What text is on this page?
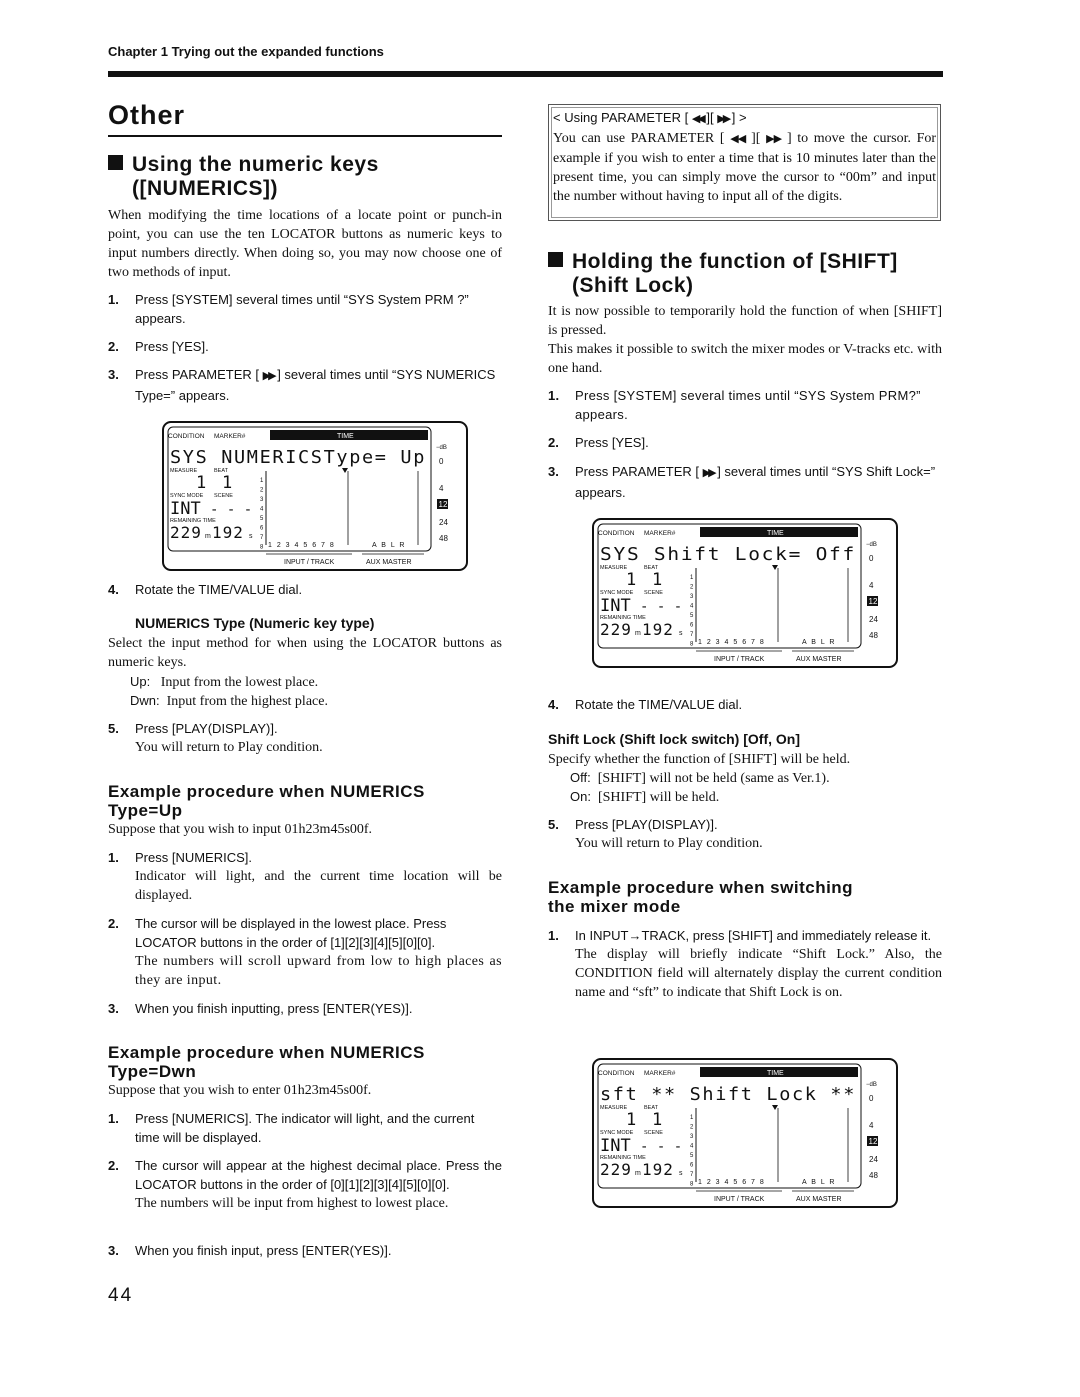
Chapter 1 Trying out the expanded functions
Other
Using the numeric keys
([NUMERICS])
When modifying the time locations of a locate point or punch-in point, you can use the ten LOCATOR buttons as numeric keys to input numbers directly. When doing so, you may now choose one of two methods of input.
1. Press [SYSTEM] several times until “SYS System PRM ?” appears.
2. Press [YES].
3. Press PARAMETER [ ▶▶ ] several times until “SYS NUMERICS Type=” appears.
CONDITION MARKER#	TIME
SYS NUMERICSType= Up
MEASURE	BEAT
1 1
SYNC MODE SCENE
INT - - -
REMAINING TIME
229 m 192 s
1
2
3
4
5
6
7
8 1 2 3 4 5 6 7 8	A B L R
−dB
0
4
12
24
48
INPUT / TRACK	AUX MASTER
4. Rotate the TIME/VALUE dial.
NUMERICS Type (Numeric key type)
Select the input method for when using the LOCATOR buttons as numeric keys.
Up: Input from the lowest place.
Dwn: Input from the highest place.
5. Press [PLAY(DISPLAY)].
You will return to Play condition.
Example procedure when NUMERICS
Type=Up
Suppose that you wish to input 01h23m45s00f.
1. Press [NUMERICS].
Indicator will light, and the current time location will be displayed.
2. The cursor will be displayed in the lowest place. Press LOCATOR buttons in the order of [1][2][3][4][5][0][0].
The numbers will scroll upward from low to high places as they are input.
3. When you finish inputting, press [ENTER(YES)].
Example procedure when NUMERICS
Type=Dwn
Suppose that you wish to enter 01h23m45s00f.
1. Press [NUMERICS]. The indicator will light, and the current time will be displayed.
2. The cursor will appear at the highest decimal place. Press the LOCATOR buttons in the order of [0][1][2][3][4][5][0][0].
The numbers will be input from highest to lowest place.
3. When you finish input, press [ENTER(YES)].
44
< Using PARAMETER [ ◀◀ ][ ▶▶ ] >
You can use PARAMETER [ ◀◀ ][ ▶▶ ] to move the cursor. For example if you wish to enter a time that is 10 minutes later than the present time, you can simply move the cursor to “00m” and input the number without having to input all of the digits.
Holding the function of [SHIFT]
(Shift Lock)
It is now possible to temporarily hold the function of when [SHIFT] is pressed.
This makes it possible to switch the mixer modes or V-tracks etc. with one hand.
1. Press [SYSTEM] several times until “SYS System PRM?” appears.
2. Press [YES].
3. Press PARAMETER [ ▶▶ ] several times until “SYS Shift Lock=” appears.
CONDITION MARKER#	TIME
SYS Shift Lock= Off
MEASURE	BEAT
1 1
SYNC MODE SCENE
INT - - -
REMAINING TIME
229 m 192 s
1
2
3
4
5
6
7
8 1 2 3 4 5 6 7 8	A B L R
−dB
0
4
12
24
48
INPUT / TRACK	AUX MASTER
4. Rotate the TIME/VALUE dial.
Shift Lock (Shift lock switch) [Off, On]
Specify whether the function of [SHIFT] will be held.
Off: [SHIFT] will not be held (same as Ver.1).
On: [SHIFT] will be held.
5. Press [PLAY(DISPLAY)].
You will return to Play condition.
Example procedure when switching
the mixer mode
1. In INPUT→TRACK, press [SHIFT] and immediately release it.
The display will briefly indicate “Shift Lock.” Also, the CONDITION field will alternately display the current condition name and “sft” to indicate that Shift Lock is on.
CONDITION MARKER#	TIME
sft ** Shift Lock **
MEASURE	BEAT
1 1
SYNC MODE SCENE
INT - - -
REMAINING TIME
229 m 192 s
1
2
3
4
5
6
7
8 1 2 3 4 5 6 7 8	A B L R
−dB
0
4
12
24
48
INPUT / TRACK	AUX MASTER
